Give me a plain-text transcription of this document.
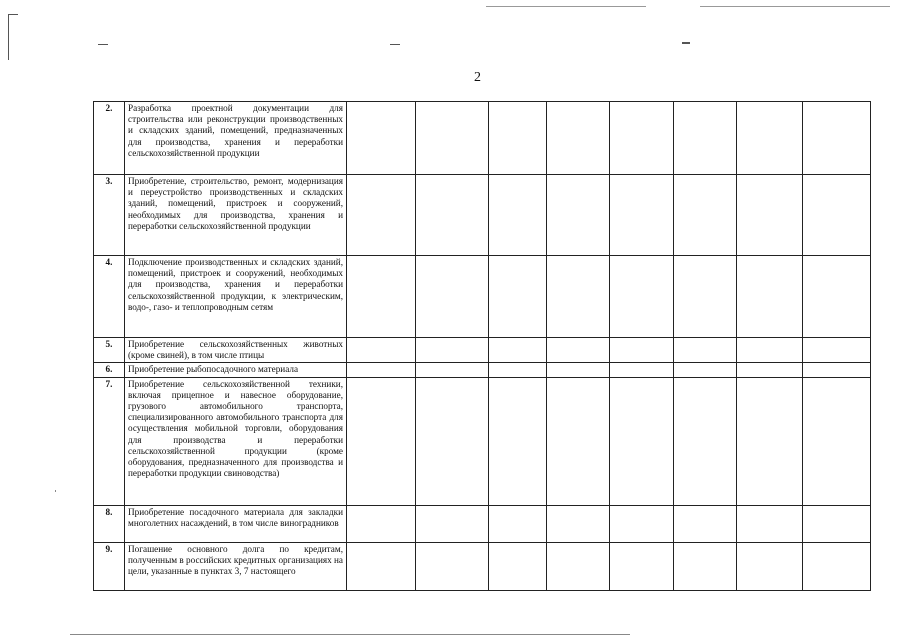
2
2.	Разработка проектной документации для строительства или реконструкции производственных и складских зданий, помещений, предназначенных для производства, хранения и переработки сельскохозяйственной продукции								
3.	Приобретение, строительство, ремонт, модернизация и переустройство производственных и складских зданий, помещений, пристроек и сооружений, необходимых для производства, хранения и переработки сельскохозяйственной продукции								
4.	Подключение производственных и складских зданий, помещений, пристроек и сооружений, необходимых для производства, хранения и переработки сельскохозяйственной продукции, к электрическим, водо-, газо- и теплопроводным сетям								
5.	Приобретение сельскохозяйственных животных (кроме свиней), в том числе птицы								
6.	Приобретение рыбопосадочного материала								
7.	Приобретение сельскохозяйственной техники, включая прицепное и навесное оборудование, грузового автомобильного транспорта, специализированного автомобильного транспорта для осуществления мобильной торговли, оборудования для производства и переработки сельскохозяйственной продукции (кроме оборудования, предназначенного для производства и переработки продукции свиноводства)								
8.	Приобретение посадочного материала для закладки многолетних насаждений, в том числе виноградников								
9.	Погашение основного долга по кредитам, полученным в российских кредитных организациях на цели, указанные в пунктах 3, 7 настоящего								
